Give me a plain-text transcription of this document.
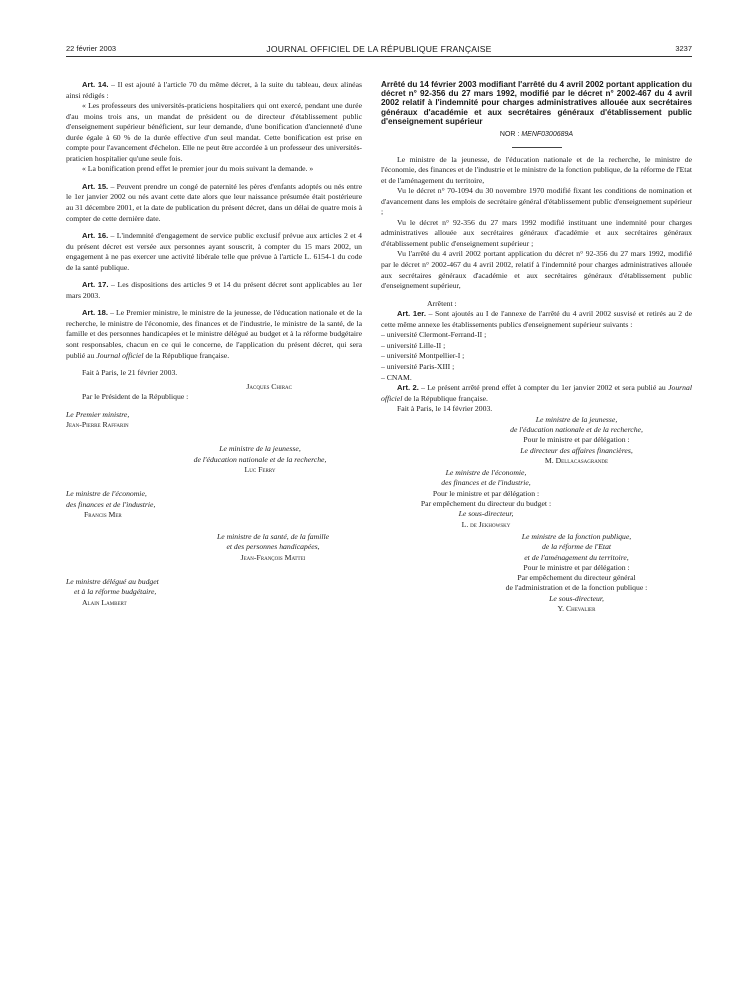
22 février 2003	JOURNAL OFFICIEL DE LA RÉPUBLIQUE FRANÇAISE	3237

Art. 14. – Il est ajouté à l'article 70 du même décret, à la suite du tableau, deux alinéas ainsi rédigés :

« Les professeurs des universités-praticiens hospitaliers qui ont exercé, pendant une durée d'au moins trois ans, un mandat de président ou de directeur d'établissement public d'enseignement supérieur bénéficient, sur leur demande, d'une bonification d'ancienneté d'une durée égale à 60 % de la durée effective d'un seul mandat. Cette bonification est prise en compte pour l'avancement d'échelon. Elle ne peut être accordée à un professeur des universités-praticien hospitalier qu'une seule fois.

« La bonification prend effet le premier jour du mois suivant la demande. »

Art. 15. – Peuvent prendre un congé de paternité les pères d'enfants adoptés ou nés entre le 1er janvier 2002 ou nés avant cette date alors que leur naissance présumée était postérieure au 31 décembre 2001, et la date de publication du présent décret, dans un délai de quatre mois à compter de cette dernière date.

Art. 16. – L'indemnité d'engagement de service public exclusif prévue aux articles 2 et 4 du présent décret est versée aux personnes ayant souscrit, à compter du 15 mars 2002, un engagement à ne pas exercer une activité libérale telle que prévue à l'article L. 6154-1 du code de la santé publique.

Art. 17. – Les dispositions des articles 9 et 14 du présent décret sont applicables au 1er mars 2003.

Art. 18. – Le Premier ministre, le ministre de la jeunesse, de l'éducation nationale et de la recherche, le ministre de l'économie, des finances et de l'industrie, le ministre de la santé, de la famille et des personnes handicapées et le ministre délégué au budget et à la réforme budgétaire sont responsables, chacun en ce qui le concerne, de l'application du présent décret, qui sera publié au Journal officiel de la République française.

Fait à Paris, le 21 février 2003.

Jacques Chirac

Par le Président de la République :

Le Premier ministre,

Jean-Pierre Raffarin

Le ministre de la jeunesse,

de l'éducation nationale et de la recherche,

Luc Ferry

Le ministre de l'économie,

des finances et de l'industrie,

Francis Mer

Le ministre de la santé, de la famille

et des personnes handicapées,

Jean-François Mattei

Le ministre délégué au budget

et à la réforme budgétaire,

Alain Lambert

Arrêté du 14 février 2003 modifiant l'arrêté du 4 avril 2002 portant application du décret n° 92-356 du 27 mars 1992, modifié par le décret n° 2002-467 du 4 avril 2002 relatif à l'indemnité pour charges administratives allouée aux secrétaires généraux d'académie et aux secrétaires généraux d'établissement public d'enseignement supérieur

NOR : MENF0300689A

Le ministre de la jeunesse, de l'éducation nationale et de la recherche, le ministre de l'économie, des finances et de l'industrie et le ministre de la fonction publique, de la réforme de l'Etat et de l'aménagement du territoire,

Vu le décret n° 70-1094 du 30 novembre 1970 modifié fixant les conditions de nomination et d'avancement dans les emplois de secrétaire général d'établissement public d'enseignement supérieur ;

Vu le décret n° 92-356 du 27 mars 1992 modifié instituant une indemnité pour charges administratives allouée aux secrétaires généraux d'académie et aux secrétaires généraux d'établissement public d'enseignement supérieur ;

Vu l'arrêté du 4 avril 2002 portant application du décret n° 92-356 du 27 mars 1992, modifié par le décret n° 2002-467 du 4 avril 2002, relatif à l'indemnité pour charges administratives allouée aux secrétaires généraux d'académie et aux secrétaires généraux d'établissement public d'enseignement supérieur,

Arrêtent :

Art. 1er. – Sont ajoutés au I de l'annexe de l'arrêté du 4 avril 2002 susvisé et retirés au 2 de cette même annexe les établissements publics d'enseignement supérieur suivants :

– université Clermont-Ferrand-II ;

– université Lille-II ;

– université Montpellier-I ;

– université Paris-XIII ;

– CNAM.

Art. 2. – Le présent arrêté prend effet à compter du 1er janvier 2002 et sera publié au Journal officiel de la République française.

Fait à Paris, le 14 février 2003.

Le ministre de la jeunesse,

de l'éducation nationale et de la recherche,

Pour le ministre et par délégation :

Le directeur des affaires financières,

M. Dellacasagrande

Le ministre de l'économie,

des finances et de l'industrie,

Pour le ministre et par délégation :

Par empêchement du directeur du budget :

Le sous-directeur,

L. de Jekhowsky

Le ministre de la fonction publique,

de la réforme de l'Etat

et de l'aménagement du territoire,

Pour le ministre et par délégation :

Par empêchement du directeur général

de l'administration et de la fonction publique :

Le sous-directeur,

Y. Chevalier
